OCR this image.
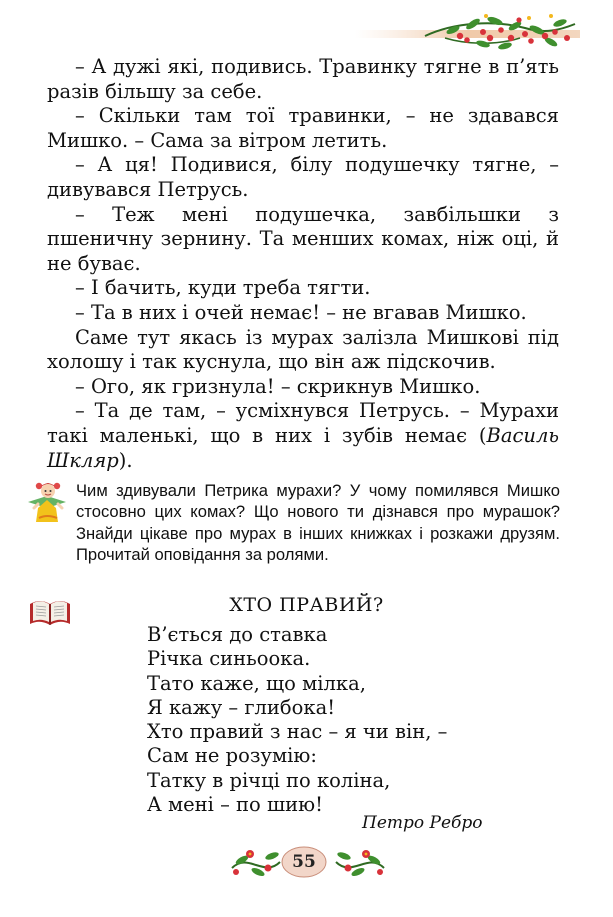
– А дужі які, подивись. Травинку тягне в п’ять разів більшу за себе.

– Скільки там тої травинки, – не здавався Мишко. – Сама за вітром летить.

– А ця! Подивися, білу подушечку тягне, – дивувався Петрусь.

– Теж мені подушечка, завбільшки з пшеничну зернину. Та менших комах, ніж оці, й не буває.

– І бачить, куди треба тягти.

– Та в них і очей немає! – не вгавав Мишко.

Саме тут якась із мурах залізла Мишкові під холошу і так куснула, що він аж підскочив.

– Ого, як гризнула! – скрикнув Мишко.

– Та де там, – усміхнувся Петрусь. – Мурахи такі маленькі, що в них і зубів немає (Василь Шкляр).

Чим здивували Петрика мурахи? У чому помилявся Мишко стосовно цих комах? Що нового ти дізнався про мурашок? Знайди цікаве про мурах в інших книжках і розкажи друзям. Прочитай оповідання за ролями.
ХТО ПРАВИЙ?
В’ється до ставка
Річка синьоока.
Тато каже, що мілка,
Я кажу – глибока!
Хто правий з нас – я чи він, –
Сам не розумію:
Татку в річці по коліна,
А мені – по шию!
Петро Ребро
55
